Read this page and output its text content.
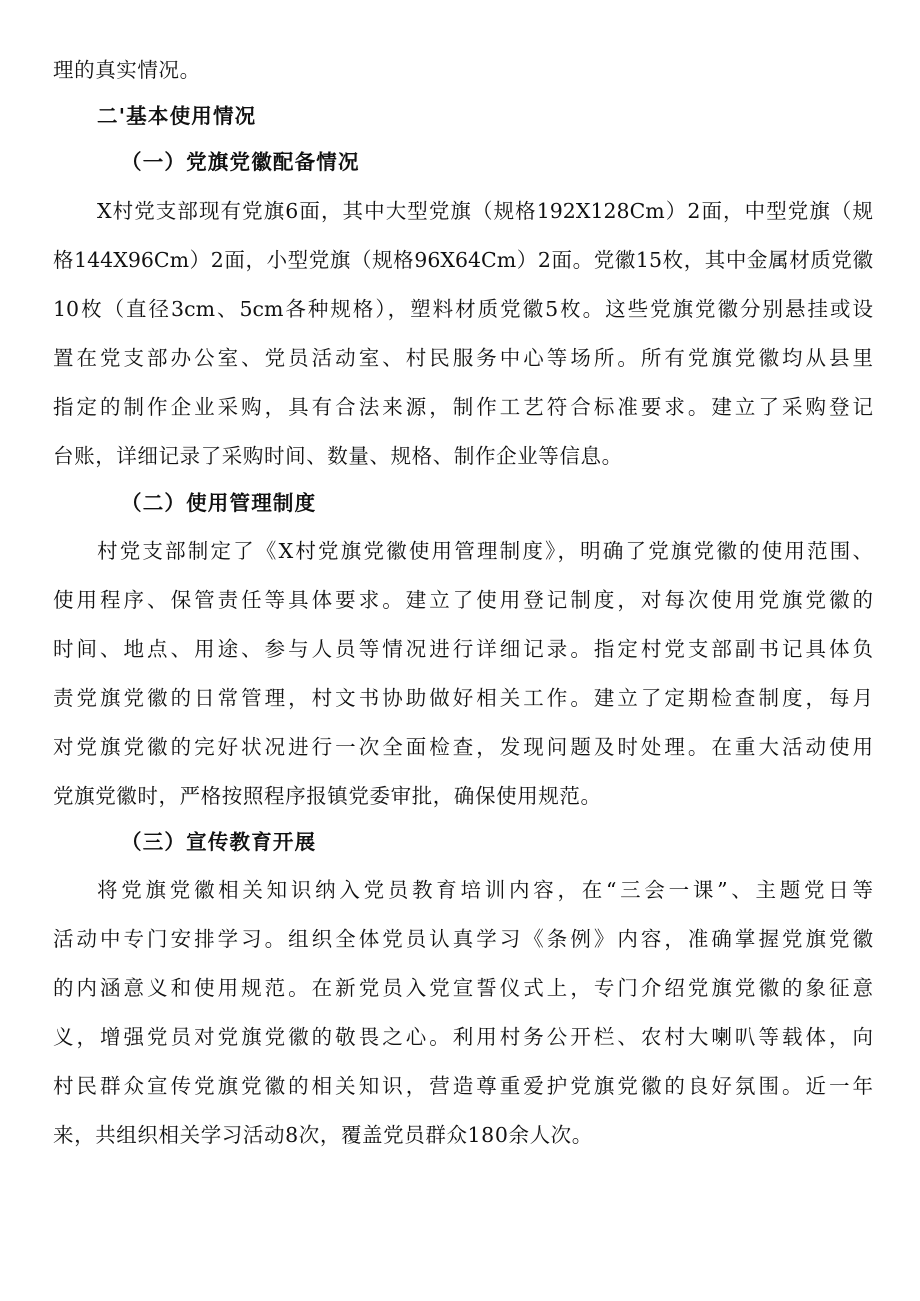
理的真实情况。
二'基本使用情况
（一）党旗党徽配备情况
X村党支部现有党旗6面，其中大型党旗（规格192X128Cm）2面，中型党旗（规
格144X96Cm）2面，小型党旗（规格96X64Cm）2面。党徽15枚，其中金属材质党徽
10枚（直径3cm、5cm各种规格），塑料材质党徽5枚。这些党旗党徽分别悬挂或设
置在党支部办公室、党员活动室、村民服务中心等场所。所有党旗党徽均从县里
指定的制作企业采购，具有合法来源，制作工艺符合标准要求。建立了采购登记
台账，详细记录了采购时间、数量、规格、制作企业等信息。
（二）使用管理制度
村党支部制定了《X村党旗党徽使用管理制度》，明确了党旗党徽的使用范围、
使用程序、保管责任等具体要求。建立了使用登记制度，对每次使用党旗党徽的
时间、地点、用途、参与人员等情况进行详细记录。指定村党支部副书记具体负
责党旗党徽的日常管理，村文书协助做好相关工作。建立了定期检查制度，每月
对党旗党徽的完好状况进行一次全面检查，发现问题及时处理。在重大活动使用
党旗党徽时，严格按照程序报镇党委审批，确保使用规范。
（三）宣传教育开展
将党旗党徽相关知识纳入党员教育培训内容，在“三会一课”、主题党日等
活动中专门安排学习。组织全体党员认真学习《条例》内容，准确掌握党旗党徽
的内涵意义和使用规范。在新党员入党宣誓仪式上，专门介绍党旗党徽的象征意
义，增强党员对党旗党徽的敬畏之心。利用村务公开栏、农村大喇叭等载体，向
村民群众宣传党旗党徽的相关知识，营造尊重爱护党旗党徽的良好氛围。近一年
来，共组织相关学习活动8次，覆盖党员群众180余人次。
